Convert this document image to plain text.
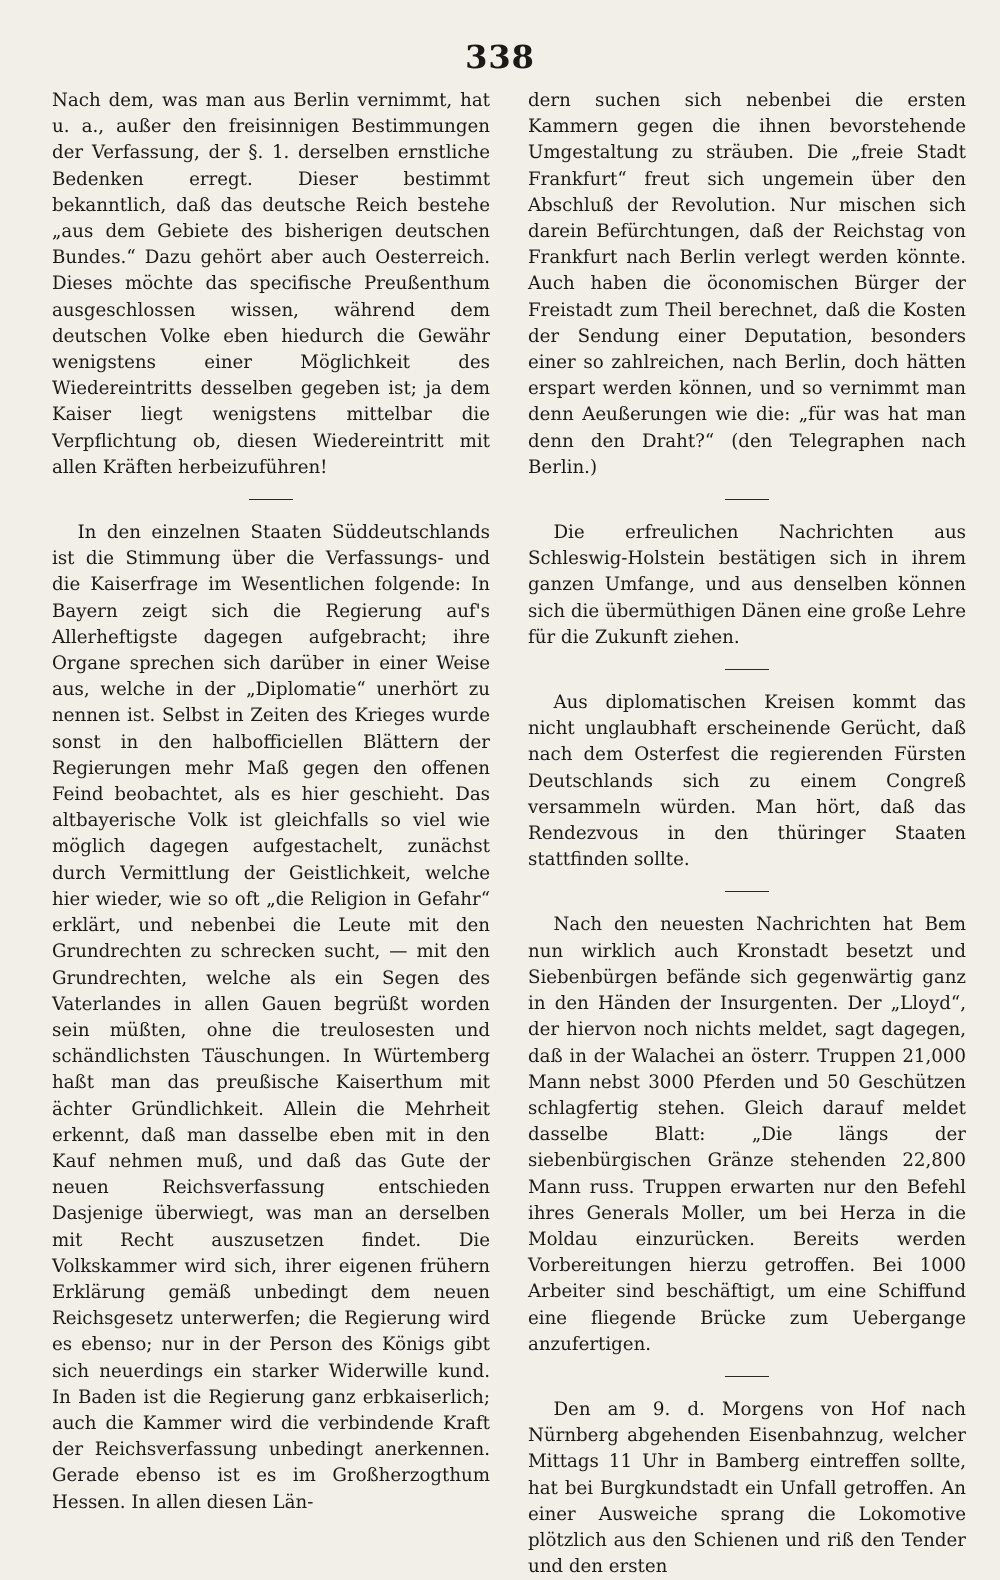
338

Nach dem, was man aus Berlin vernimmt, hat u. a., außer den freisinnigen Bestimmungen der Verfassung, der §. 1. derselben ernstliche Bedenken erregt. Dieser bestimmt bekanntlich, daß das deutsche Reich bestehe „aus dem Gebiete des bisherigen deutschen Bundes.“ Dazu gehört aber auch Oesterreich. Dieses möchte das specifische Preußenthum ausgeschlossen wissen, während dem deutschen Volke eben hiedurch die Gewähr wenigstens einer Möglichkeit des Wiedereintritts desselben gegeben ist; ja dem Kaiser liegt wenigstens mittelbar die Verpflichtung ob, diesen Wiedereintritt mit allen Kräften herbeizuführen!

In den einzelnen Staaten Süddeutschlands ist die Stimmung über die Verfassungs- und die Kaiserfrage im Wesentlichen folgende: In Bayern zeigt sich die Regierung auf's Allerheftigste dagegen aufgebracht; ihre Organe sprechen sich darüber in einer Weise aus, welche in der „Diplomatie“ unerhört zu nennen ist. Selbst in Zeiten des Krieges wurde sonst in den halbofficiellen Blättern der Regierungen mehr Maß gegen den offenen Feind beobachtet, als es hier geschieht. Das altbayerische Volk ist gleichfalls so viel wie möglich dagegen aufgestachelt, zunächst durch Vermittlung der Geistlichkeit, welche hier wieder, wie so oft „die Religion in Gefahr“ erklärt, und nebenbei die Leute mit den Grundrechten zu schrecken sucht, — mit den Grundrechten, welche als ein Segen des Vaterlandes in allen Gauen begrüßt worden sein müßten, ohne die treulosesten und schändlichsten Täuschungen. In Würtemberg haßt man das preußische Kaiserthum mit ächter Gründlichkeit. Allein die Mehrheit erkennt, daß man dasselbe eben mit in den Kauf nehmen muß, und daß das Gute der neuen Reichsverfassung entschieden Dasjenige überwiegt, was man an derselben mit Recht auszusetzen findet. Die Volkskammer wird sich, ihrer eigenen frühern Erklärung gemäß unbedingt dem neuen Reichsgesetz unterwerfen; die Regierung wird es ebenso; nur in der Person des Königs gibt sich neuerdings ein starker Widerwille kund. In Baden ist die Regierung ganz erbkaiserlich; auch die Kammer wird die verbindende Kraft der Reichsverfassung unbedingt anerkennen. Gerade ebenso ist es im Großherzogthum Hessen. In allen diesen Län-

dern suchen sich nebenbei die ersten Kammern gegen die ihnen bevorstehende Umgestaltung zu sträuben. Die „freie Stadt Frankfurt“ freut sich ungemein über den Abschluß der Revolution. Nur mischen sich darein Befürchtungen, daß der Reichstag von Frankfurt nach Berlin verlegt werden könnte. Auch haben die öconomischen Bürger der Freistadt zum Theil berechnet, daß die Kosten der Sendung einer Deputation, besonders einer so zahlreichen, nach Berlin, doch hätten erspart werden können, und so vernimmt man denn Aeußerungen wie die: „für was hat man denn den Draht?“ (den Telegraphen nach Berlin.)

Die erfreulichen Nachrichten aus Schleswig-Holstein bestätigen sich in ihrem ganzen Umfange, und aus denselben können sich die übermüthigen Dänen eine große Lehre für die Zukunft ziehen.

Aus diplomatischen Kreisen kommt das nicht unglaubhaft erscheinende Gerücht, daß nach dem Osterfest die regierenden Fürsten Deutschlands sich zu einem Congreß versammeln würden. Man hört, daß das Rendezvous in den thüringer Staaten stattfinden sollte.

Nach den neuesten Nachrichten hat Bem nun wirklich auch Kronstadt besetzt und Siebenbürgen befände sich gegenwärtig ganz in den Händen der Insurgenten. Der „Lloyd“, der hiervon noch nichts meldet, sagt dagegen, daß in der Walachei an österr. Truppen 21,000 Mann nebst 3000 Pferden und 50 Geschützen schlagfertig stehen. Gleich darauf meldet dasselbe Blatt: „Die längs der siebenbürgischen Gränze stehenden 22,800 Mann russ. Truppen erwarten nur den Befehl ihres Generals Moller, um bei Herza in die Moldau einzurücken. Bereits werden Vorbereitungen hierzu getroffen. Bei 1000 Arbeiter sind beschäftigt, um eine Schiffund eine fliegende Brücke zum Uebergange anzufertigen.

Den am 9. d. Morgens von Hof nach Nürnberg abgehenden Eisenbahnzug, welcher Mittags 11 Uhr in Bamberg eintreffen sollte, hat bei Burgkundstadt ein Unfall getroffen. An einer Ausweiche sprang die Lokomotive plötzlich aus den Schienen und riß den Tender und den ersten
